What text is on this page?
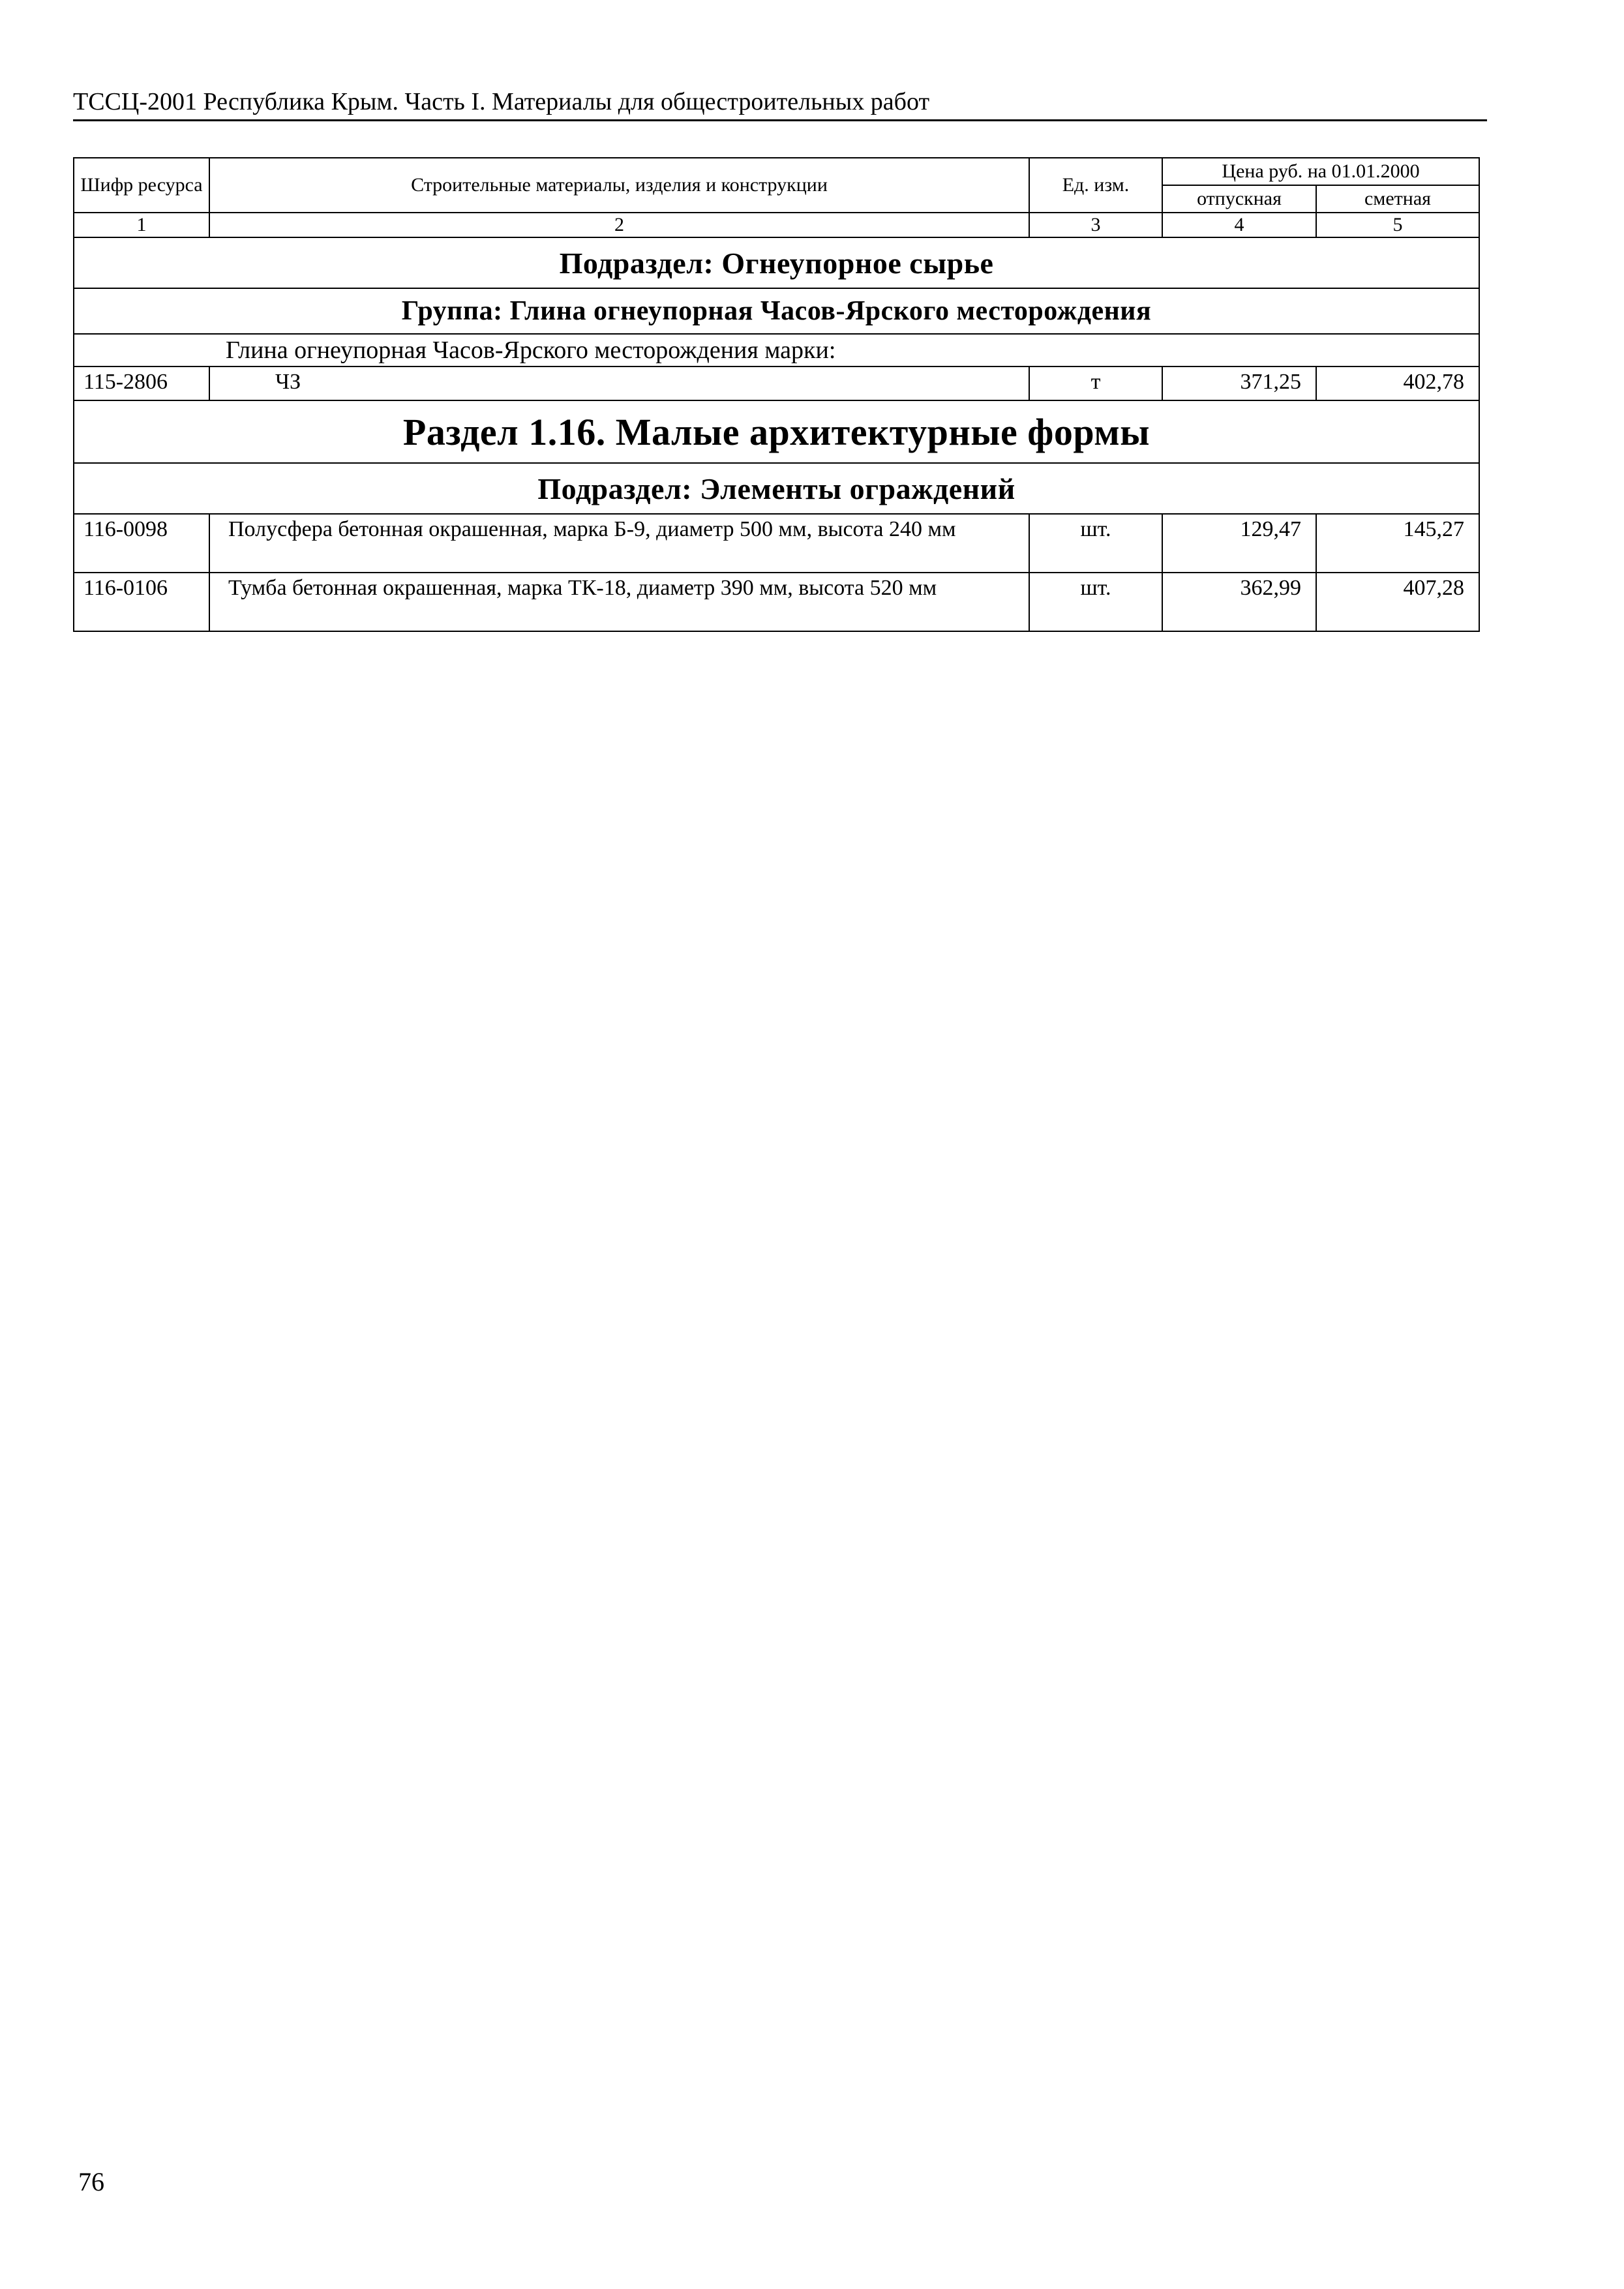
ТССЦ-2001 Республика Крым. Часть I. Материалы для общестроительных работ
Шифр ресурса	Строительные материалы, изделия и конструкции	Ед. изм.	Цена руб. на 01.01.2000	
			отпускная	сметная
1	2	3	4	5
Подраздел: Огнеупорное сырье				
Группа: Глина огнеупорная Часов-Ярского месторождения				
Глина огнеупорная Часов-Ярского месторождения марки:				
115-2806	ЧЗ	т	371,25	402,78
Раздел 1.16. Малые архитектурные формы				
Подраздел: Элементы ограждений				
116-0098	Полусфера бетонная окрашенная, марка Б-9, диаметр 500 мм, высота 240 мм	шт.	129,47	145,27
116-0106	Тумба бетонная окрашенная, марка ТК-18, диаметр 390 мм, высота 520 мм	шт.	362,99	407,28
76
